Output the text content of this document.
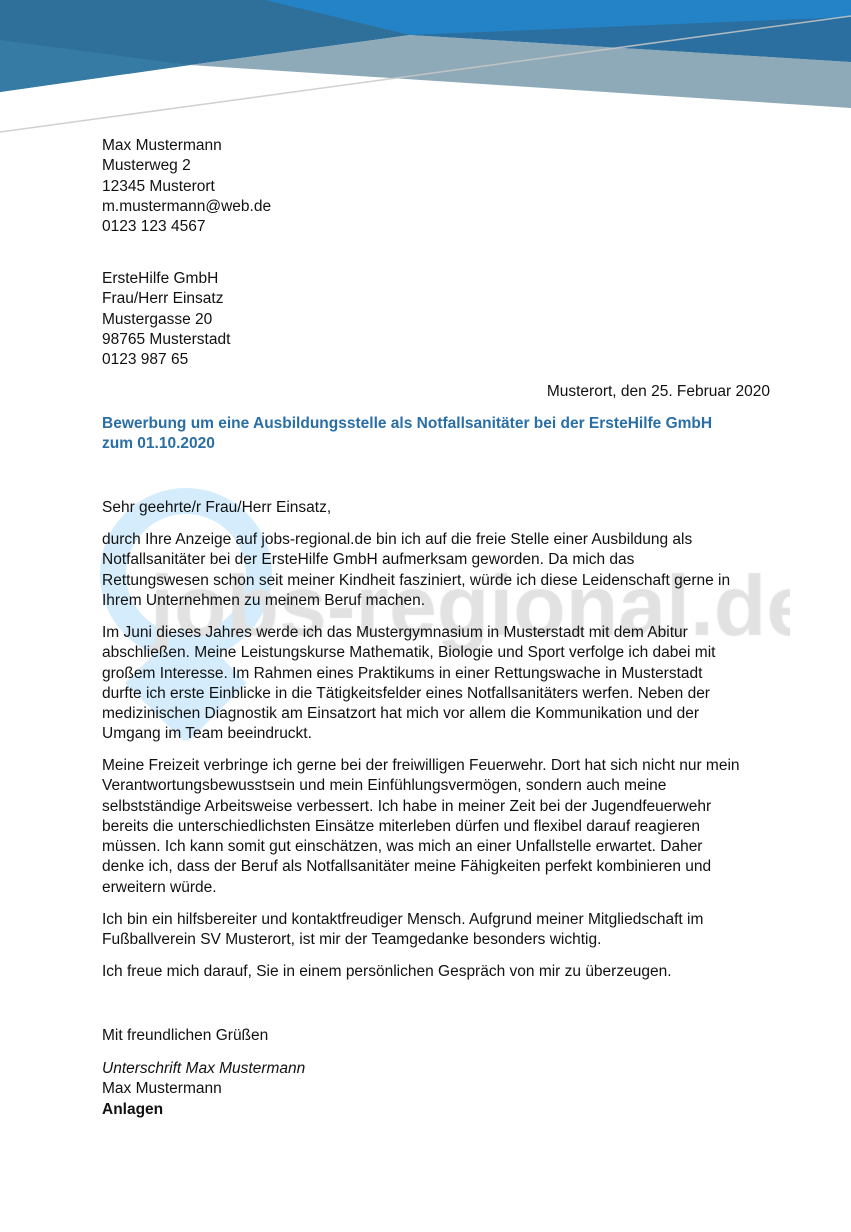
Max Mustermann
Musterweg 2
12345 Musterort
m.mustermann@web.de
0123 123 4567
ErsteHilfe GmbH
Frau/Herr Einsatz
Mustergasse 20
98765 Musterstadt
0123 987 65
Musterort, den 25. Februar 2020
Bewerbung um eine Ausbildungsstelle als Notfallsanitäter bei der ErsteHilfe GmbH
zum 01.10.2020
Sehr geehrte/r Frau/Herr Einsatz,
durch Ihre Anzeige auf jobs-regional.de bin ich auf die freie Stelle einer Ausbildung als
Notfallsanitäter bei der ErsteHilfe GmbH aufmerksam geworden. Da mich das
Rettungswesen schon seit meiner Kindheit fasziniert, würde ich diese Leidenschaft gerne in
Ihrem Unternehmen zu meinem Beruf machen.
Im Juni dieses Jahres werde ich das Mustergymnasium in Musterstadt mit dem Abitur
abschließen. Meine Leistungskurse Mathematik, Biologie und Sport verfolge ich dabei mit
großem Interesse. Im Rahmen eines Praktikums in einer Rettungswache in Musterstadt
durfte ich erste Einblicke in die Tätigkeitsfelder eines Notfallsanitäters werfen. Neben der
medizinischen Diagnostik am Einsatzort hat mich vor allem die Kommunikation und der
Umgang im Team beeindruckt.
Meine Freizeit verbringe ich gerne bei der freiwilligen Feuerwehr. Dort hat sich nicht nur mein
Verantwortungsbewusstsein und mein Einfühlungsvermögen, sondern auch meine
selbstständige Arbeitsweise verbessert. Ich habe in meiner Zeit bei der Jugendfeuerwehr
bereits die unterschiedlichsten Einsätze miterleben dürfen und flexibel darauf reagieren
müssen. Ich kann somit gut einschätzen, was mich an einer Unfallstelle erwartet. Daher
denke ich, dass der Beruf als Notfallsanitäter meine Fähigkeiten perfekt kombinieren und
erweitern würde.
Ich bin ein hilfsbereiter und kontaktfreudiger Mensch. Aufgrund meiner Mitgliedschaft im
Fußballverein SV Musterort, ist mir der Teamgedanke besonders wichtig.
Ich freue mich darauf, Sie in einem persönlichen Gespräch von mir zu überzeugen.
Mit freundlichen Grüßen
Unterschrift Max Mustermann
Max Mustermann
Anlagen
